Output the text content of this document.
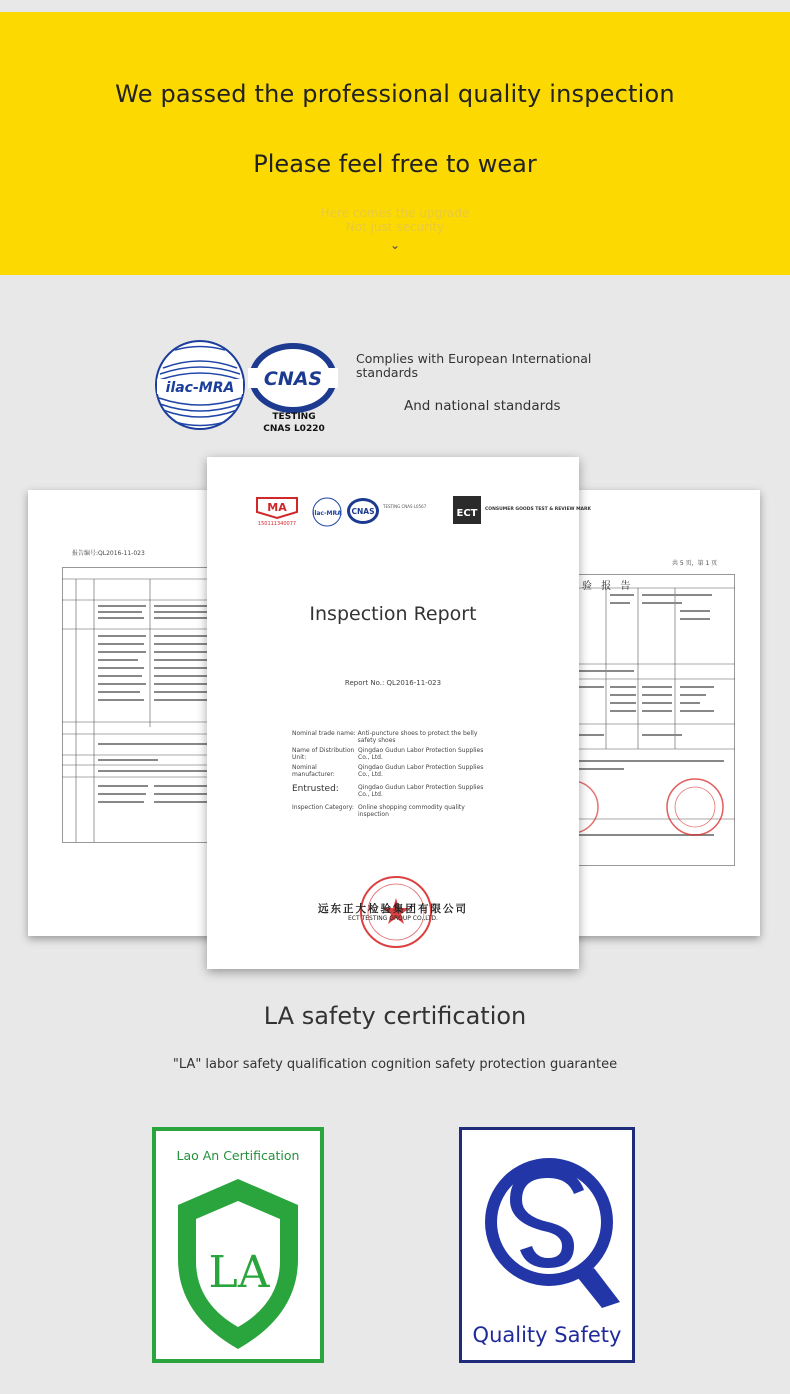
We passed the professional quality inspection
Please feel free to wear
Here comes the upgrade
Not just security
⌄
ilac-MRA CNAS
TESTING
CNAS L0220
Complies with European International standards
And national standards
报告编号:QL2016-11-023
共 5 页，第 1 页
验 报 告
MA
150111340077
ilac-MRA CNAS
TESTING CNAS L0567
ECT CONSUMER GOODS TEST & REVIEW MARK
Inspection Report
Report No.: QL2016-11-023
Nominal trade name: Anti-puncture shoes to protect the belly safety shoes
Name of Distribution Unit:
Qingdao Gudun Labor Protection Supplies Co., Ltd.
Nominal manufacturer:
Qingdao Gudun Labor Protection Supplies Co., Ltd.
Entrusted:	Qingdao Gudun Labor Protection Supplies Co., Ltd.
Inspection Category: Online shopping commodity quality inspection
远东正大检验集团有限公司
ECT TESTING GROUP CO.,LTD.
LA safety certification
"LA" labor safety qualification cognition safety protection guarantee
Lao An Certification
LA
Quality Safety
